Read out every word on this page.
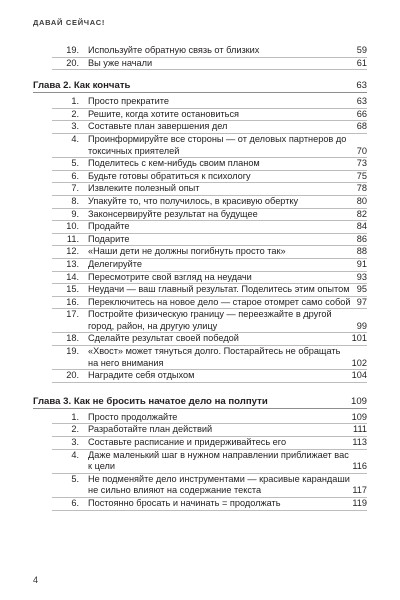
ДАВАЙ СЕЙЧАС!
19. Используйте обратную связь от близких	59
20. Вы уже начали	61
Глава 2. Как кончать	63
1. Просто прекратите	63
2. Решите, когда хотите остановиться	66
3. Составьте план завершения дел	68
4. Проинформируйте все стороны — от деловых партнеров до токсичных приятелей	70
5. Поделитесь с кем-нибудь своим планом	73
6. Будьте готовы обратиться к психологу	75
7. Извлеките полезный опыт	78
8. Упакуйте то, что получилось, в красивую обертку	80
9. Законсервируйте результат на будущее	82
10. Продайте	84
11. Подарите	86
12. «Наши дети не должны погибнуть просто так»	88
13. Делегируйте	91
14. Пересмотрите свой взгляд на неудачи	93
15. Неудачи — ваш главный результат. Поделитесь этим опытом 95
16. Переключитесь на новое дело — старое отомрет само собой 97
17. Постройте физическую границу — переезжайте в другой город, район, на другую улицу	99
18. Сделайте результат своей победой	101
19. «Хвост» может тянуться долго. Постарайтесь не обращать на него внимания	102
20. Наградите себя отдыхом	104
Глава 3. Как не бросить начатое дело на полпути	109
1. Просто продолжайте	109
2. Разработайте план действий	111
3. Составьте расписание и придерживайтесь его	113
4. Даже маленький шаг в нужном направлении приближает вас к цели	116
5. Не подменяйте дело инструментами — красивые карандаши не сильно влияют на содержание текста	117
6. Постоянно бросать и начинать = продолжать	119
4
